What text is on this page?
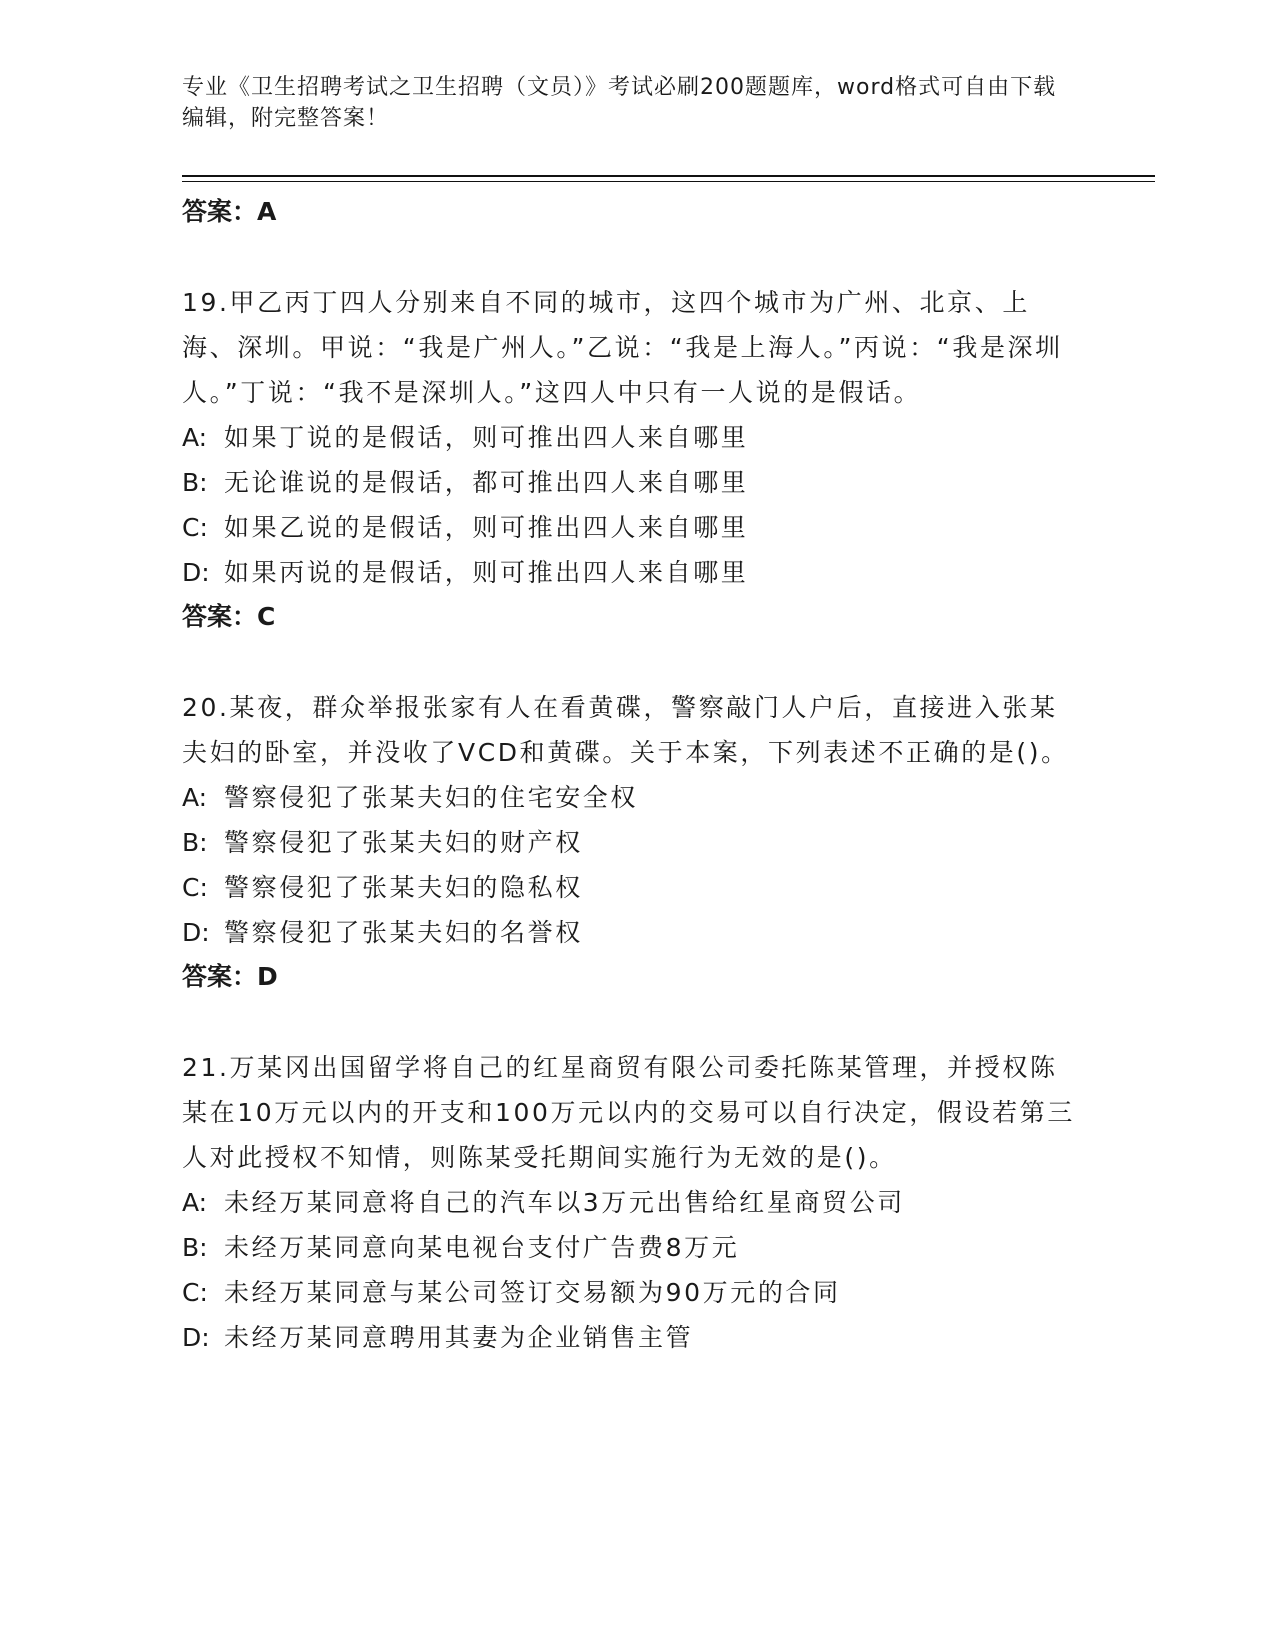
专业《卫生招聘考试之卫生招聘（文员）》考试必刷200题题库，word格式可自由下载编辑，附完整答案！

答案：A

19.甲乙丙丁四人分别来自不同的城市，这四个城市为广州、北京、上海、深圳。甲说：“我是广州人。”乙说：“我是上海人。”丙说：“我是深圳人。”丁说：“我不是深圳人。”这四人中只有一人说的是假话。

A: 如果丁说的是假话，则可推出四人来自哪里

B: 无论谁说的是假话，都可推出四人来自哪里

C: 如果乙说的是假话，则可推出四人来自哪里

D: 如果丙说的是假话，则可推出四人来自哪里

答案：C

20.某夜，群众举报张家有人在看黄碟，警察敲门人户后，直接进入张某夫妇的卧室，并没收了VCD和黄碟。关于本案，下列表述不正确的是()。

A: 警察侵犯了张某夫妇的住宅安全权

B: 警察侵犯了张某夫妇的财产权

C: 警察侵犯了张某夫妇的隐私权

D: 警察侵犯了张某夫妇的名誉权

答案：D

21.万某冈出国留学将自己的红星商贸有限公司委托陈某管理，并授权陈某在10万元以内的开支和100万元以内的交易可以自行决定，假设若第三人对此授权不知情，则陈某受托期间实施行为无效的是()。

A: 未经万某同意将自己的汽车以3万元出售给红星商贸公司

B: 未经万某同意向某电视台支付广告费8万元

C: 未经万某同意与某公司签订交易额为90万元的合同

D: 未经万某同意聘用其妻为企业销售主管
